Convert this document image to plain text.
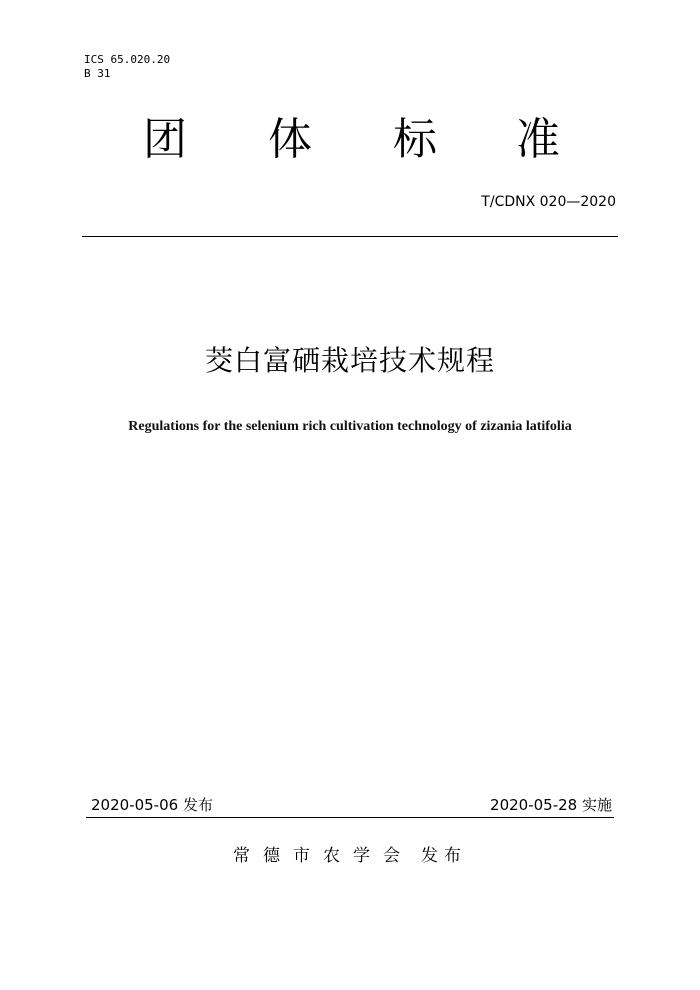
ICS 65.020.20
B 31
团 体 标 准
T/CDNX 020—2020
茭白富硒栽培技术规程
Regulations for the selenium rich cultivation technology of zizania latifolia
2020-05-06 发布	2020-05-28 实施
常德市农学会 发布
